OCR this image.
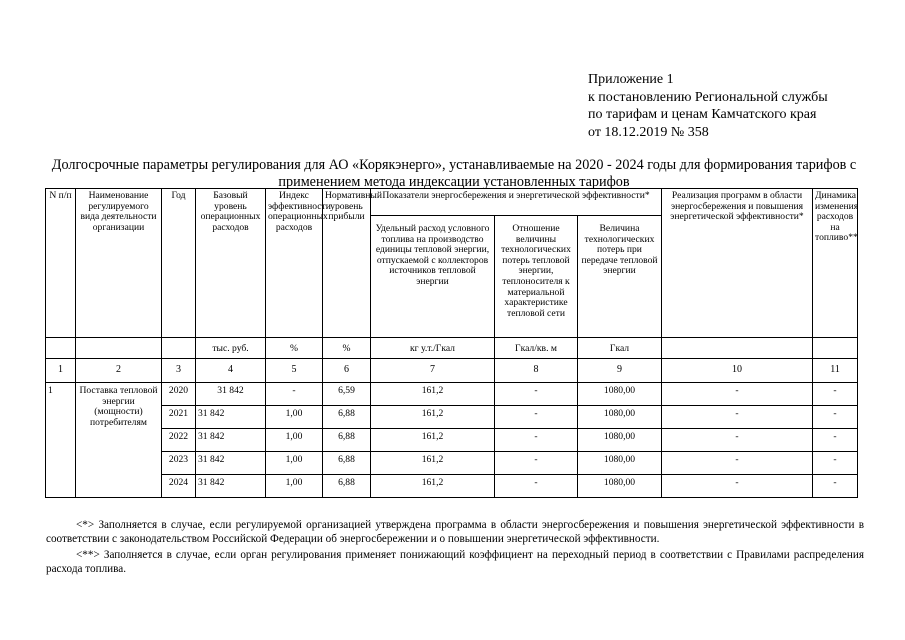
Приложение 1
к постановлению Региональной службы
по тарифам и ценам Камчатского края
от 18.12.2019 № 358
Долгосрочные параметры регулирования для АО «Корякэнерго», устанавливаемые на 2020 - 2024 годы для формирования тарифов с применением метода индексации установленных тарифов
N п/п	Наименование регулируемого вида деятельности организации	Год	Базовый уровень операционных расходов	Индекс эффективности операционных расходов	Нормативный уровень прибыли	Показатели энергосбережения и энергетической эффективности*			Реализация программ в области энергосбережения и повышения энергетической эффективности*	Динамика изменения расходов на топливо**
						Удельный расход условного топлива на производство единицы тепловой энергии, отпускаемой с коллекторов источников тепловой энергии	Отношение величины технологических потерь тепловой энергии, теплоносителя к материальной характеристике тепловой сети	Величина технологических потерь при передаче тепловой энергии		
			тыс. руб.	%	%	кг у.т./Гкал	Гкал/кв. м	Гкал		
1	2	3	4	5	6	7	8	9	10	11
1	Поставка тепловой энергии (мощности) потребителям	2020	31 842	-	6,59	161,2	-	1080,00	-	-
		2021	31 842	1,00	6,88	161,2	-	1080,00	-	-
		2022	31 842	1,00	6,88	161,2	-	1080,00	-	-
		2023	31 842	1,00	6,88	161,2	-	1080,00	-	-
		2024	31 842	1,00	6,88	161,2	-	1080,00	-	-

<*> Заполняется в случае, если регулируемой организацией утверждена программа в области энергосбережения и повышения энергетической эффективности в соответствии с законодательством Российской Федерации об энергосбережении и о повышении энергетической эффективности.

<**> Заполняется в случае, если орган регулирования применяет понижающий коэффициент на переходный период в соответствии с Правилами распределения расхода топлива.
